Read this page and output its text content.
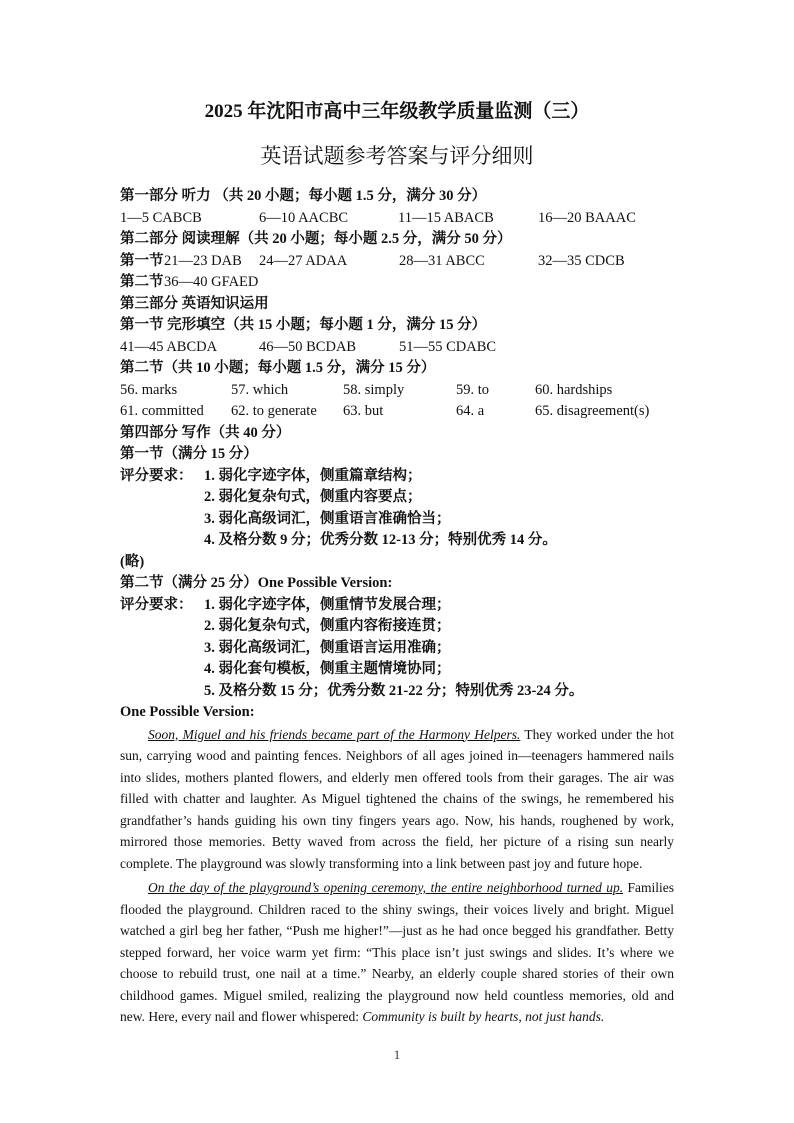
2025 年沈阳市高中三年级教学质量监测（三）
英语试题参考答案与评分细则
第一部分 听力 （共 20 小题；每小题 1.5 分，满分 30 分）
1—5 CABCB	6—10 AACBC	11—15 ABACB	16—20 BAAAC
第二部分 阅读理解（共 20 小题；每小题 2.5 分，满分 50 分）
第一节 21—23 DAB	24—27 ADAA	28—31 ABCC	32—35 CDCB
第二节 36—40 GFAED
第三部分 英语知识运用
第一节 完形填空（共 15 小题；每小题 1 分，满分 15 分）
41—45 ABCDA	46—50 BCDAB	51—55 CDABC
第二节（共 10 小题；每小题 1.5 分，满分 15 分）
56. marks	57. which	58. simply	59. to	60. hardships
61. committed	62. to generate	63. but	64. a	65. disagreement(s)
第四部分 写作（共 40 分）
第一节（满分 15 分）
评分要求： 1. 弱化字迹字体，侧重篇章结构；
2. 弱化复杂句式，侧重内容要点；
3. 弱化高级词汇，侧重语言准确恰当；
4. 及格分数 9 分；优秀分数 12-13 分；特别优秀 14 分。
(略)
第二节（满分 25 分）One Possible Version:
评分要求： 1. 弱化字迹字体，侧重情节发展合理；
2. 弱化复杂句式，侧重内容衔接连贯；
3. 弱化高级词汇，侧重语言运用准确；
4. 弱化套句模板，侧重主题情境协同；
5. 及格分数 15 分；优秀分数 21-22 分；特别优秀 23-24 分。
One Possible Version:

Soon, Miguel and his friends became part of the Harmony Helpers. They worked under the hot sun, carrying wood and painting fences. Neighbors of all ages joined in—teenagers hammered nails into slides, mothers planted flowers, and elderly men offered tools from their garages. The air was filled with chatter and laughter. As Miguel tightened the chains of the swings, he remembered his grandfather’s hands guiding his own tiny fingers years ago. Now, his hands, roughened by work, mirrored those memories. Betty waved from across the field, her picture of a rising sun nearly complete. The playground was slowly transforming into a link between past joy and future hope.

On the day of the playground’s opening ceremony, the entire neighborhood turned up. Families flooded the playground. Children raced to the shiny swings, their voices lively and bright. Miguel watched a girl beg her father, “Push me higher!”—just as he had once begged his grandfather. Betty stepped forward, her voice warm yet firm: “This place isn’t just swings and slides. It’s where we choose to rebuild trust, one nail at a time.” Nearby, an elderly couple shared stories of their own childhood games. Miguel smiled, realizing the playground now held countless memories, old and new. Here, every nail and flower whispered: Community is built by hearts, not just hands.

1
